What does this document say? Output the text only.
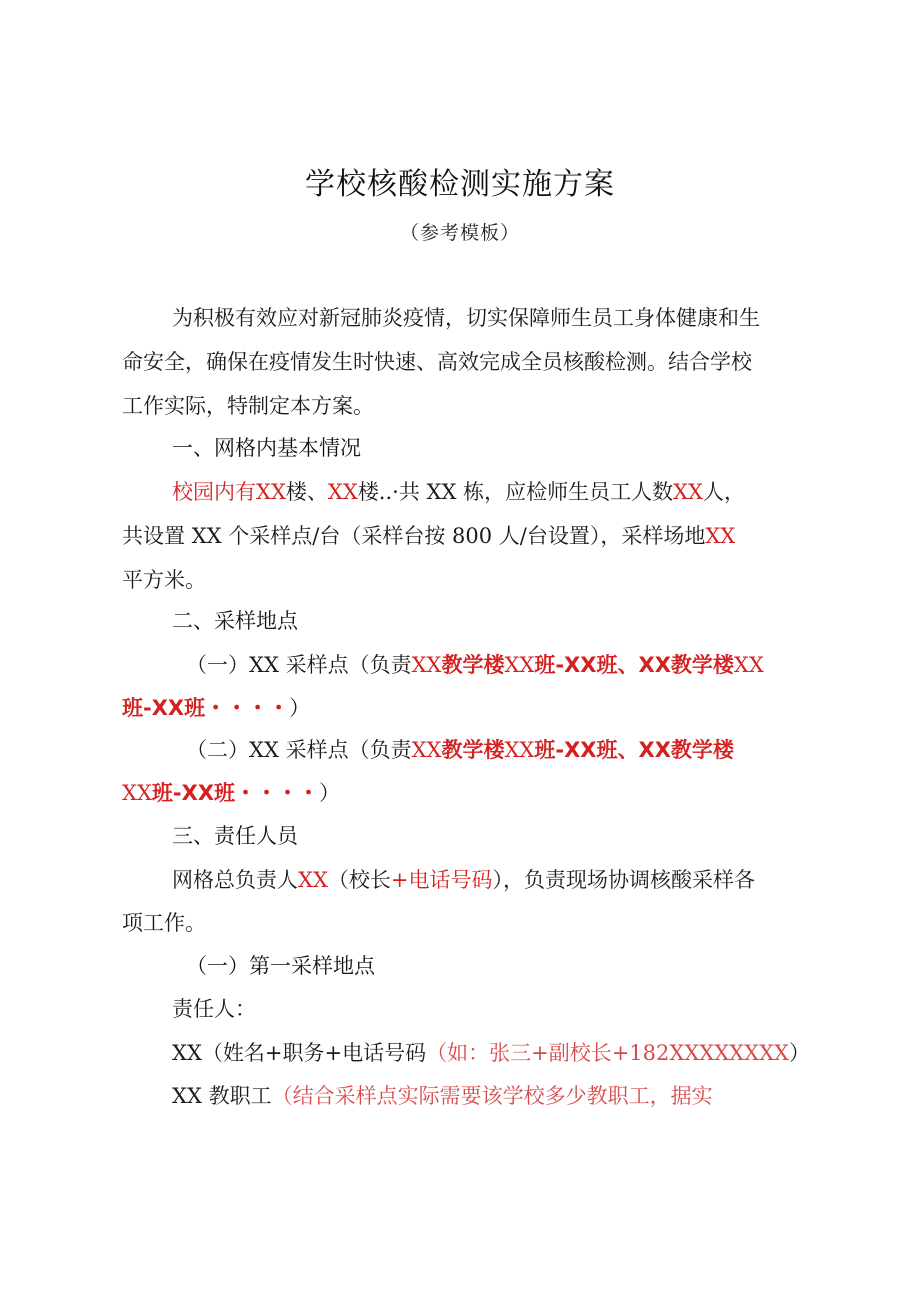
学校核酸检测实施方案
（参考模板）
为积极有效应对新冠肺炎疫情，切实保障师生员工身体健康和生
命安全，确保在疫情发生时快速、高效完成全员核酸检测。结合学校
工作实际，特制定本方案。
一、网格内基本情况
校园内有XX楼、XX楼..·共 XX 栋，应检师生员工人数XX人，
共设置 XX 个采样点/台（采样台按 800 人/台设置），采样场地XX
平方米。
二、采样地点
（一）XX 采样点（负责XX教学楼XX班-XX班、XX教学楼XX
班-XX班・・・・）
（二）XX 采样点（负责XX教学楼XX班-XX班、XX教学楼
XX班-XX班・・・・）
三、责任人员
网格总负责人XX（校长+电话号码），负责现场协调核酸采样各
项工作。
（一）第一采样地点
责任人：
XX（姓名+职务+电话号码（如：张三+副校长+182XXXXXXXX）
XX 教职工（结合采样点实际需要该学校多少教职工，据实
